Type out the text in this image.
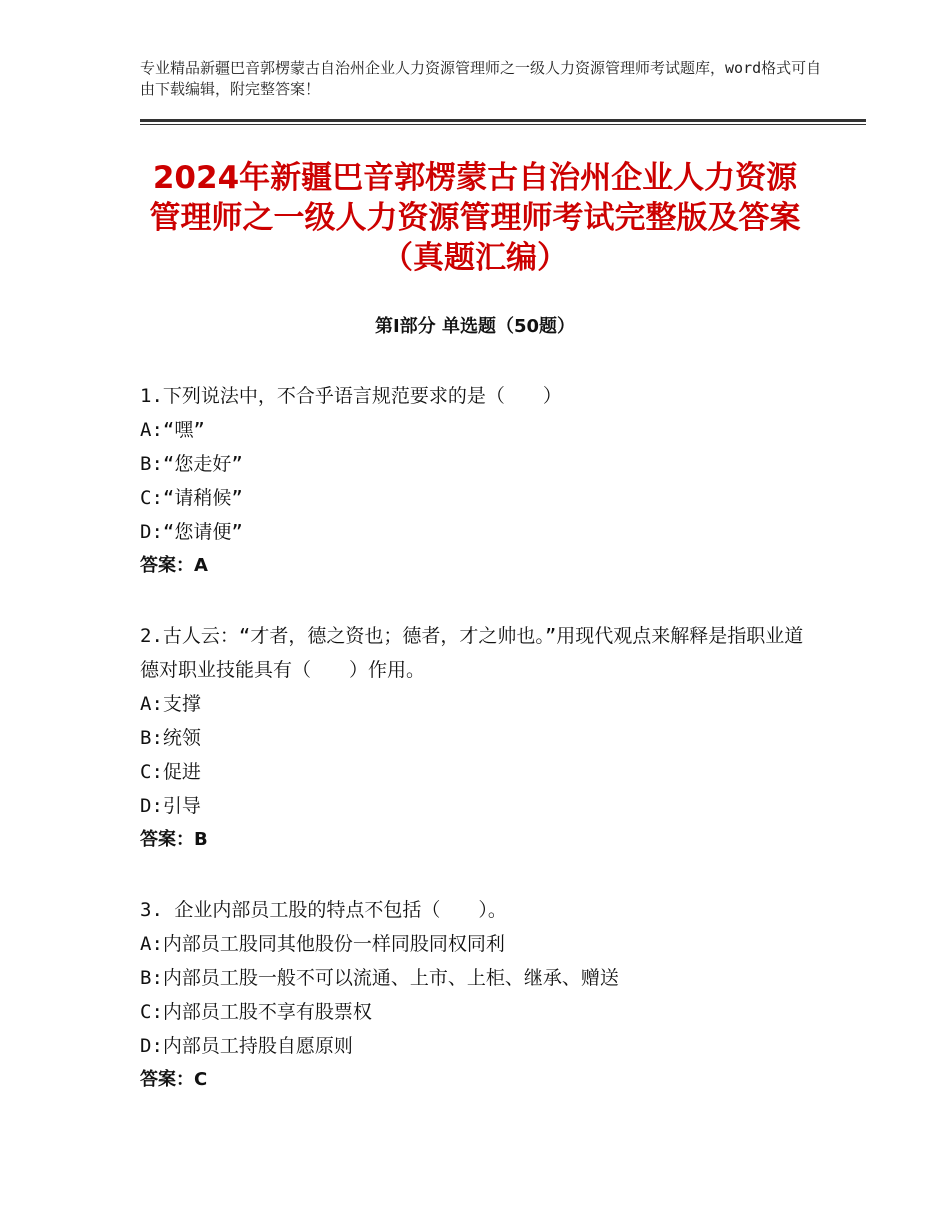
专业精品新疆巴音郭楞蒙古自治州企业人力资源管理师之一级人力资源管理师考试题库，word格式可自由下载编辑，附完整答案！
2024年新疆巴音郭楞蒙古自治州企业人力资源管理师之一级人力资源管理师考试完整版及答案（真题汇编）
第Ⅰ部分 单选题（50题）

1.下列说法中，不合乎语言规范要求的是（　　）

A:“嘿”

B:“您走好”

C:“请稍候”

D:“您请便”

答案：A

2.古人云：“才者，德之资也；德者，才之帅也。”用现代观点来解释是指职业道德对职业技能具有（　　）作用。

A:支撑

B:统领

C:促进

D:引导

答案：B

3. 企业内部员工股的特点不包括（　　）。

A:内部员工股同其他股份一样同股同权同利

B:内部员工股一般不可以流通、上市、上柜、继承、赠送

C:内部员工股不享有股票权

D:内部员工持股自愿原则

答案：C
